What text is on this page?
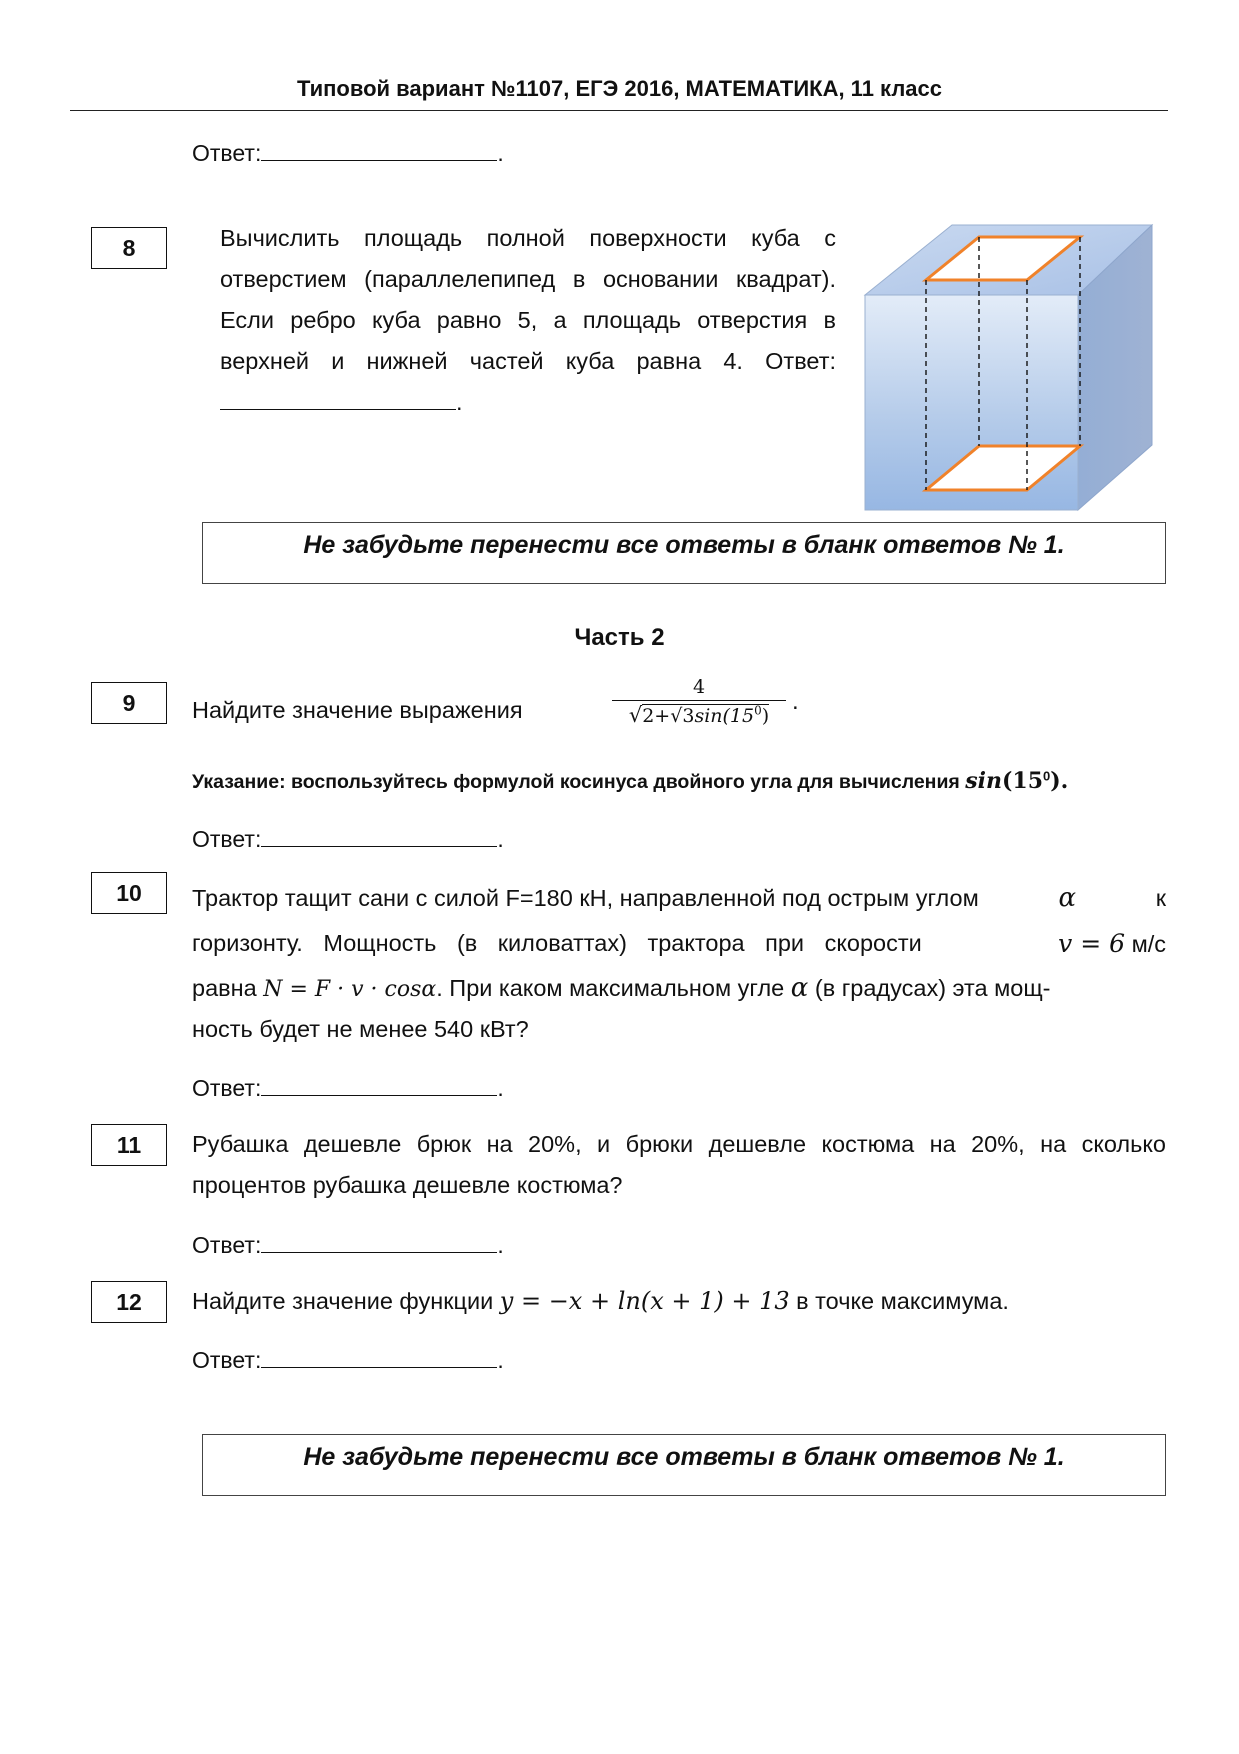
Типовой вариант №1107, ЕГЭ 2016, МАТЕМАТИКА, 11 класс
Ответ:	.
8	Вычислить площадь полной поверхности куба с отверстием (параллелепипед в основании квадрат). Если ребро куба равно 5, а площадь отверстия в верхней и нижней частей куба равна 4. Ответ:.
Не забудьте перенести все ответы в бланк ответов № 1.
Часть 2
9	Найдите значение выражения
4
$√2+√3\sin(15^0)$
.
Указание: воспользуйтесь формулой косинуса двойного угла для вычисления $\sin(15^0)$.
Ответ:	.
10	Трактор тащит сани с силой F=180 кН, направленной под острым углом	α	к
горизонту. Мощность (в киловаттах) трактора при скорости	v = 6 м/с
равна N = F · v · cosα. При каком максимальном угле α (в градусах) эта мощ-
ность будет не менее 540 кВт?
Ответ:	.
11	Рубашка дешевле брюк на 20%, и брюки дешевле костюма на 20%, на сколько процентов рубашка дешевле костюма?
Ответ:	.
12	Найдите значение функции y = −x + ln(x + 1) + 13 в точке максимума.
Ответ:	.
Не забудьте перенести все ответы в бланк ответов № 1.
